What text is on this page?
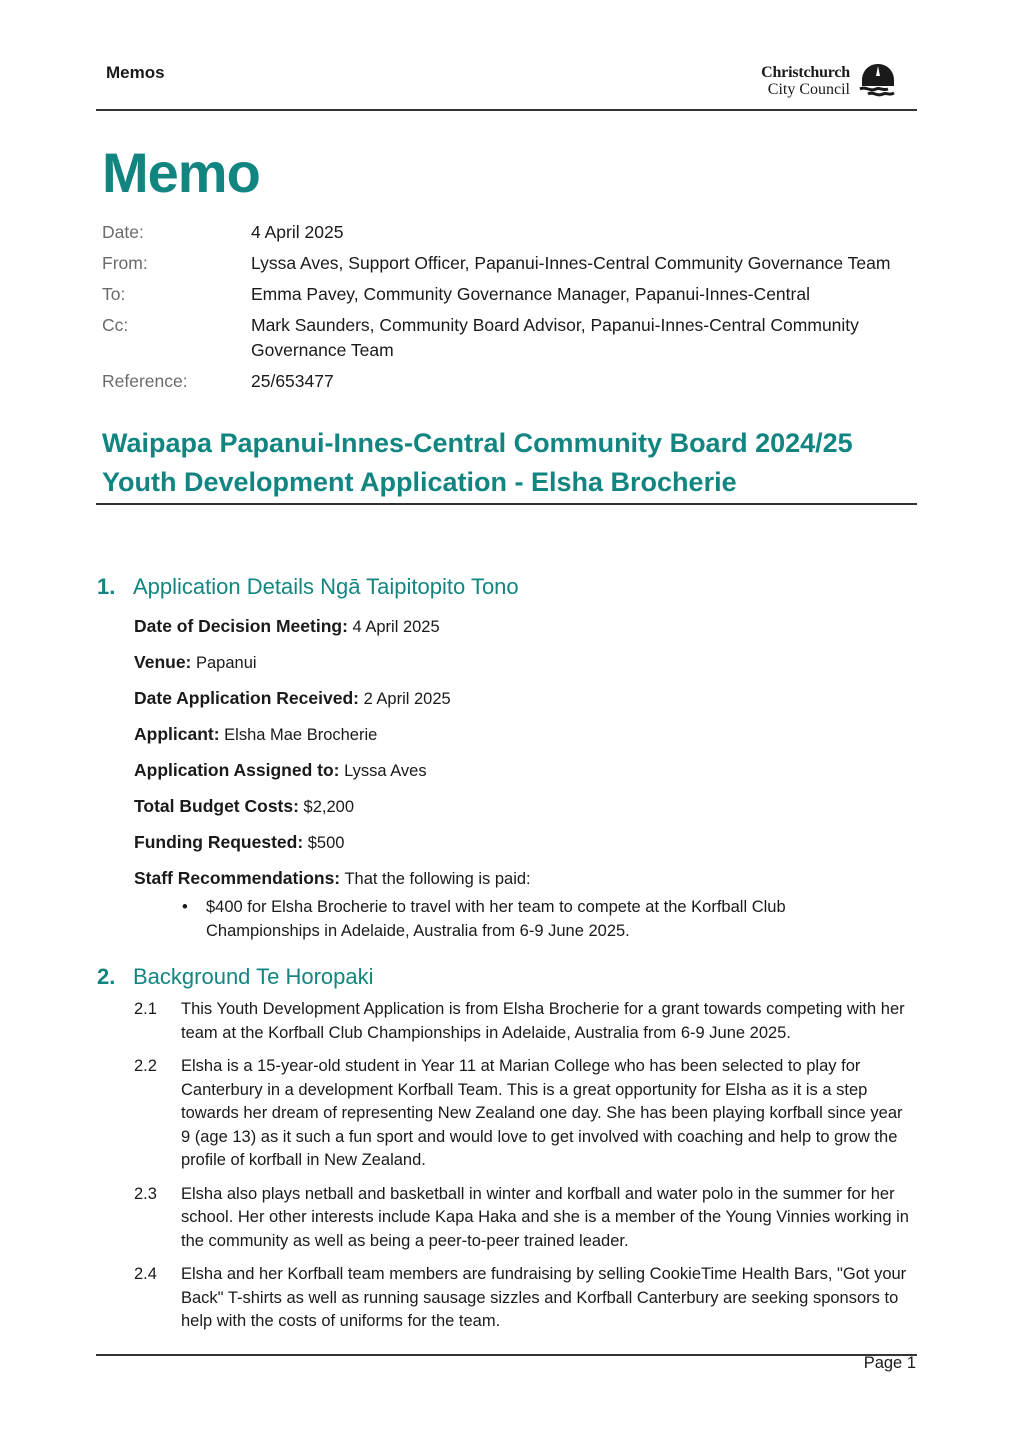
Memos	Christchurch
City Council
Memo
Date:	4 April 2025
From:	Lyssa Aves, Support Officer, Papanui-Innes-Central Community Governance Team
To:	Emma Pavey, Community Governance Manager, Papanui-Innes-Central
Cc:	Mark Saunders, Community Board Advisor, Papanui-Innes-Central Community Governance Team
Reference:	25/653477
Waipapa Papanui-Innes-Central Community Board 2024/25 Youth Development Application - Elsha Brocherie
1. Application Details Ngā Taipitopito Tono
Date of Decision Meeting: 4 April 2025
Venue: Papanui
Date Application Received: 2 April 2025
Applicant: Elsha Mae Brocherie
Application Assigned to: Lyssa Aves
Total Budget Costs: $2,200
Funding Requested: $500
Staff Recommendations: That the following is paid:
• $400 for Elsha Brocherie to travel with her team to compete at the Korfball Club Championships in Adelaide, Australia from 6-9 June 2025.
2. Background Te Horopaki
2.1	This Youth Development Application is from Elsha Brocherie for a grant towards competing with her team at the Korfball Club Championships in Adelaide, Australia from 6-9 June 2025.
2.2	Elsha is a 15-year-old student in Year 11 at Marian College who has been selected to play for Canterbury in a development Korfball Team. This is a great opportunity for Elsha as it is a step towards her dream of representing New Zealand one day. She has been playing korfball since year 9 (age 13) as it such a fun sport and would love to get involved with coaching and help to grow the profile of korfball in New Zealand.
2.3	Elsha also plays netball and basketball in winter and korfball and water polo in the summer for her school. Her other interests include Kapa Haka and she is a member of the Young Vinnies working in the community as well as being a peer-to-peer trained leader.
2.4	Elsha and her Korfball team members are fundraising by selling CookieTime Health Bars, "Got your Back" T-shirts as well as running sausage sizzles and Korfball Canterbury are seeking sponsors to help with the costs of uniforms for the team.
Page 1
